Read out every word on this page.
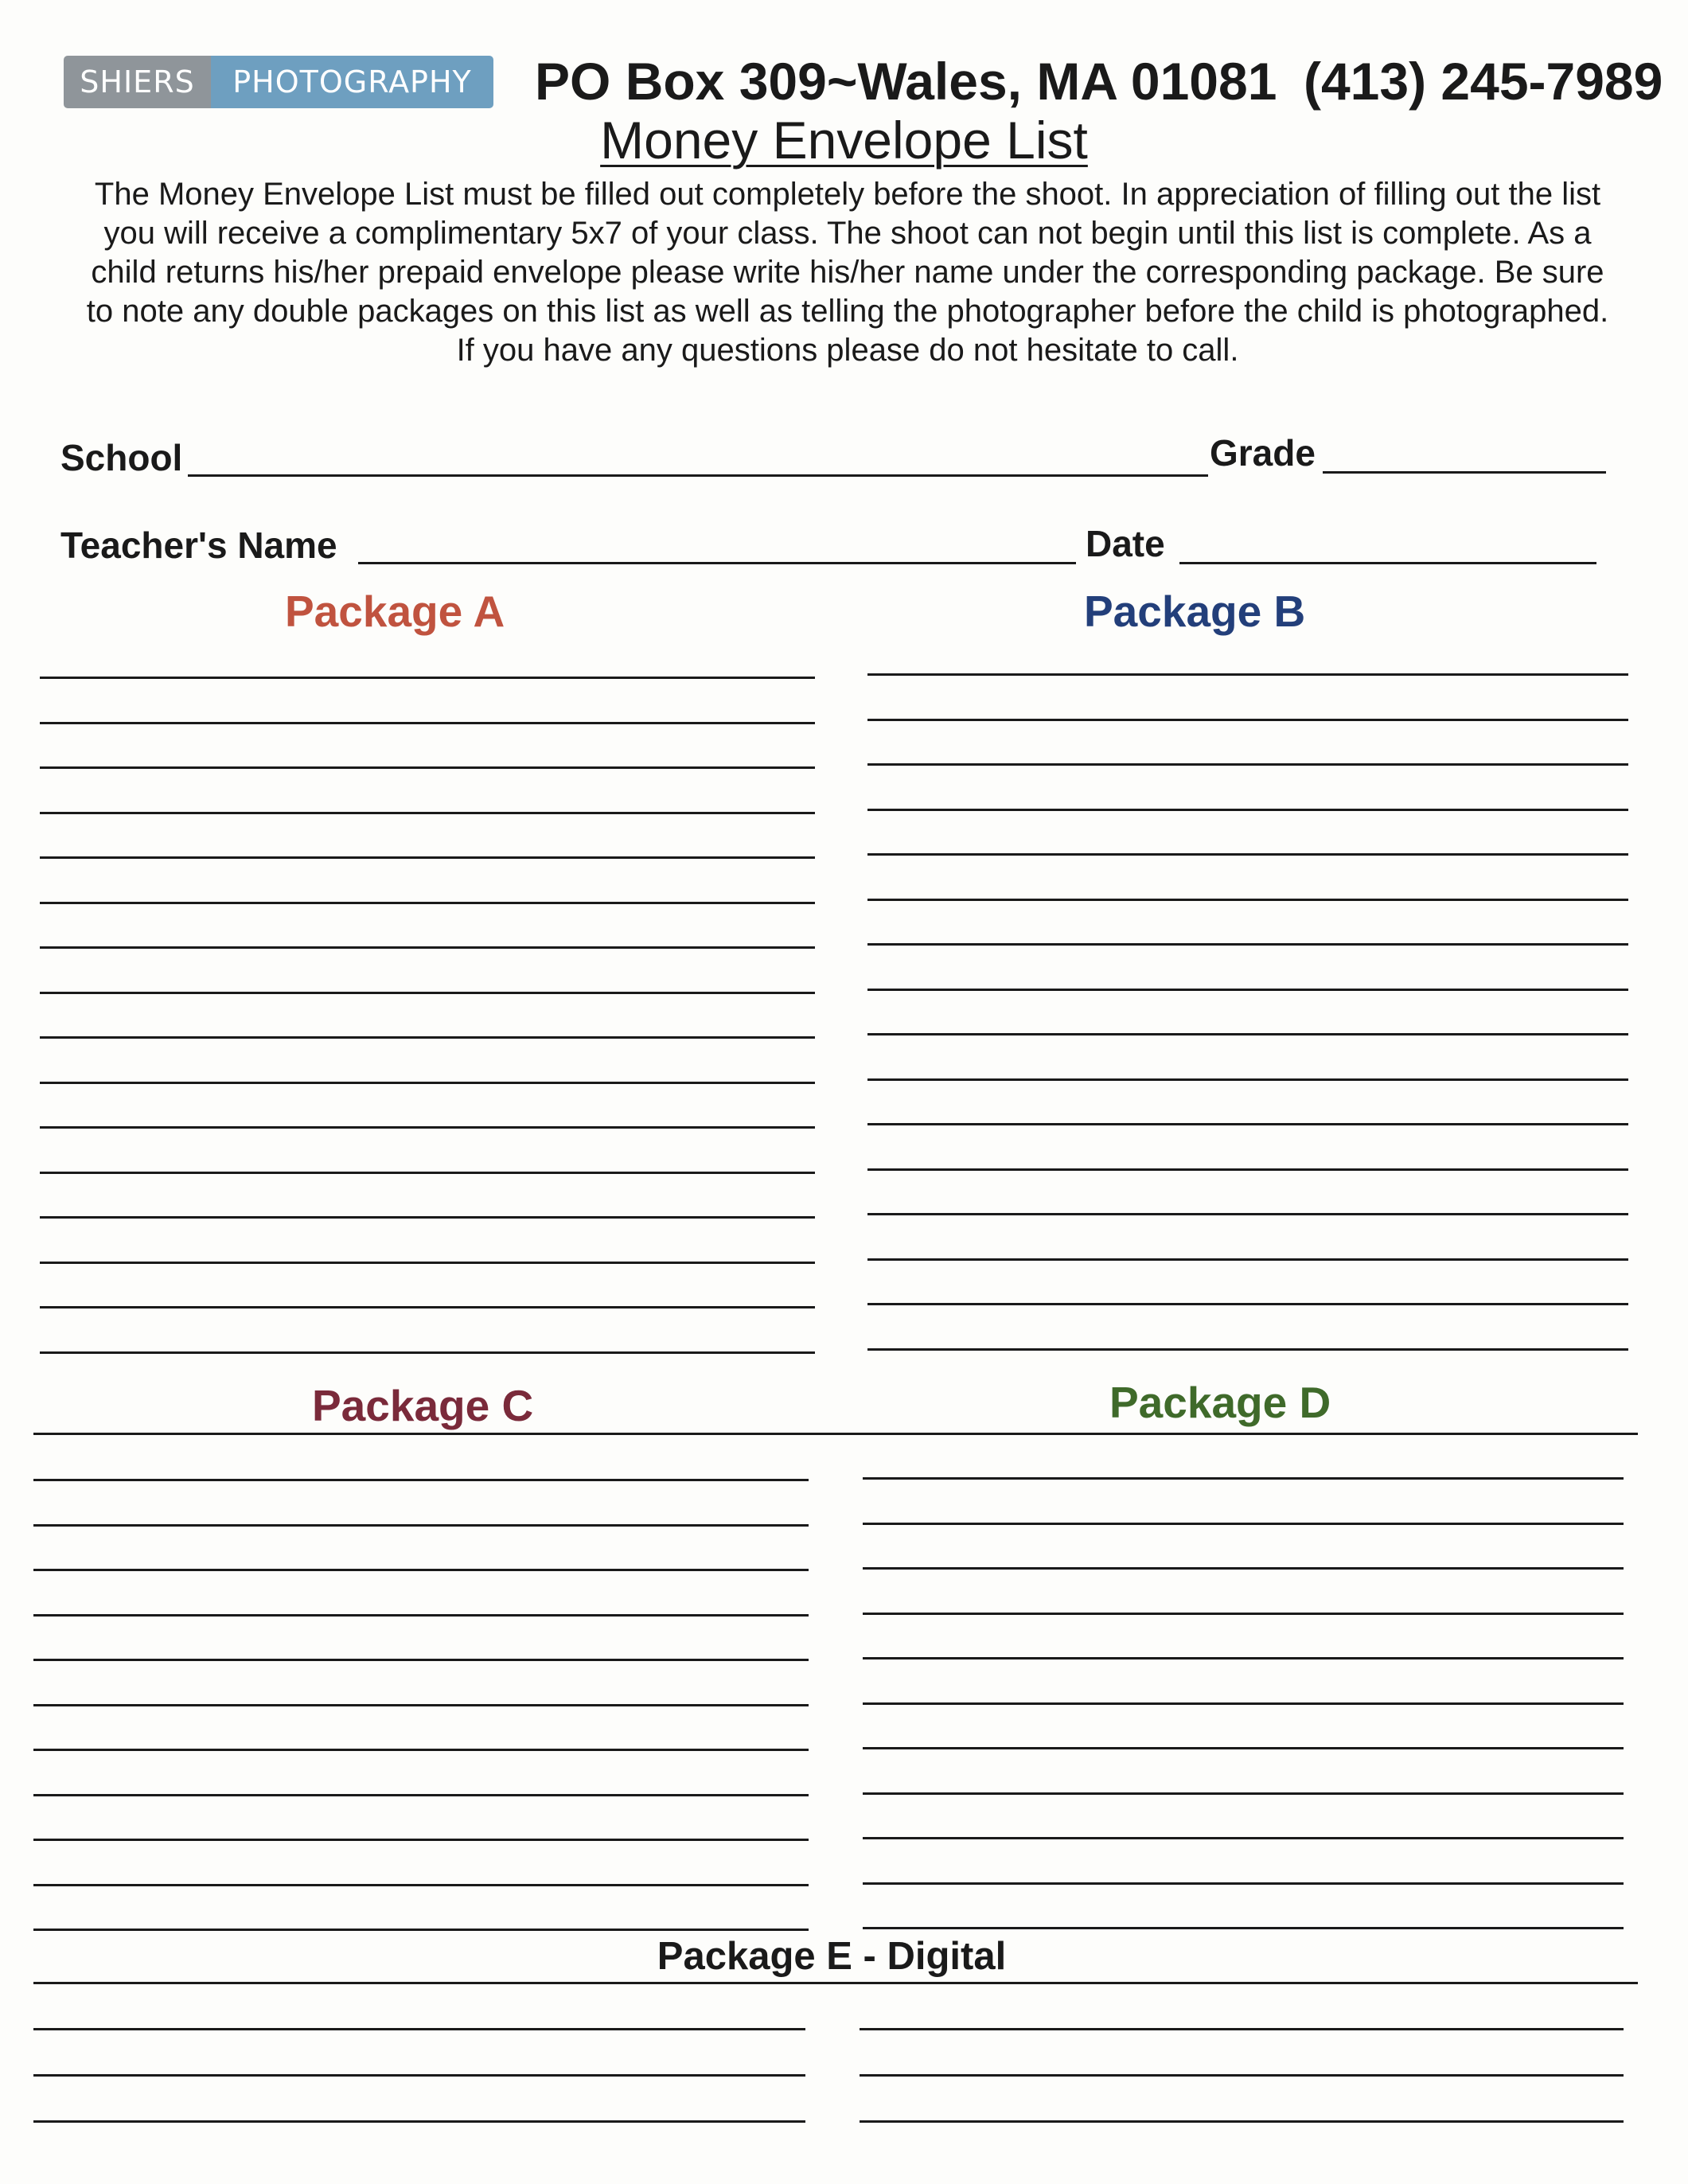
SHIERS	PHOTOGRAPHY	PO Box 309~Wales, MA 01081 (413) 245-7989
Money Envelope List
The Money Envelope List must be filled out completely before the shoot. In appreciation of filling out the list
you will receive a complimentary 5x7 of your class. The shoot can not begin until this list is complete. As a
child returns his/her prepaid envelope please write his/her name under the corresponding package. Be sure
to note any double packages on this list as well as telling the photographer before the child is photographed.
If you have any questions please do not hesitate to call.
School	Grade
Teacher's Name	Date
Package A	Package B
Package C	Package D
Package E - Digital
